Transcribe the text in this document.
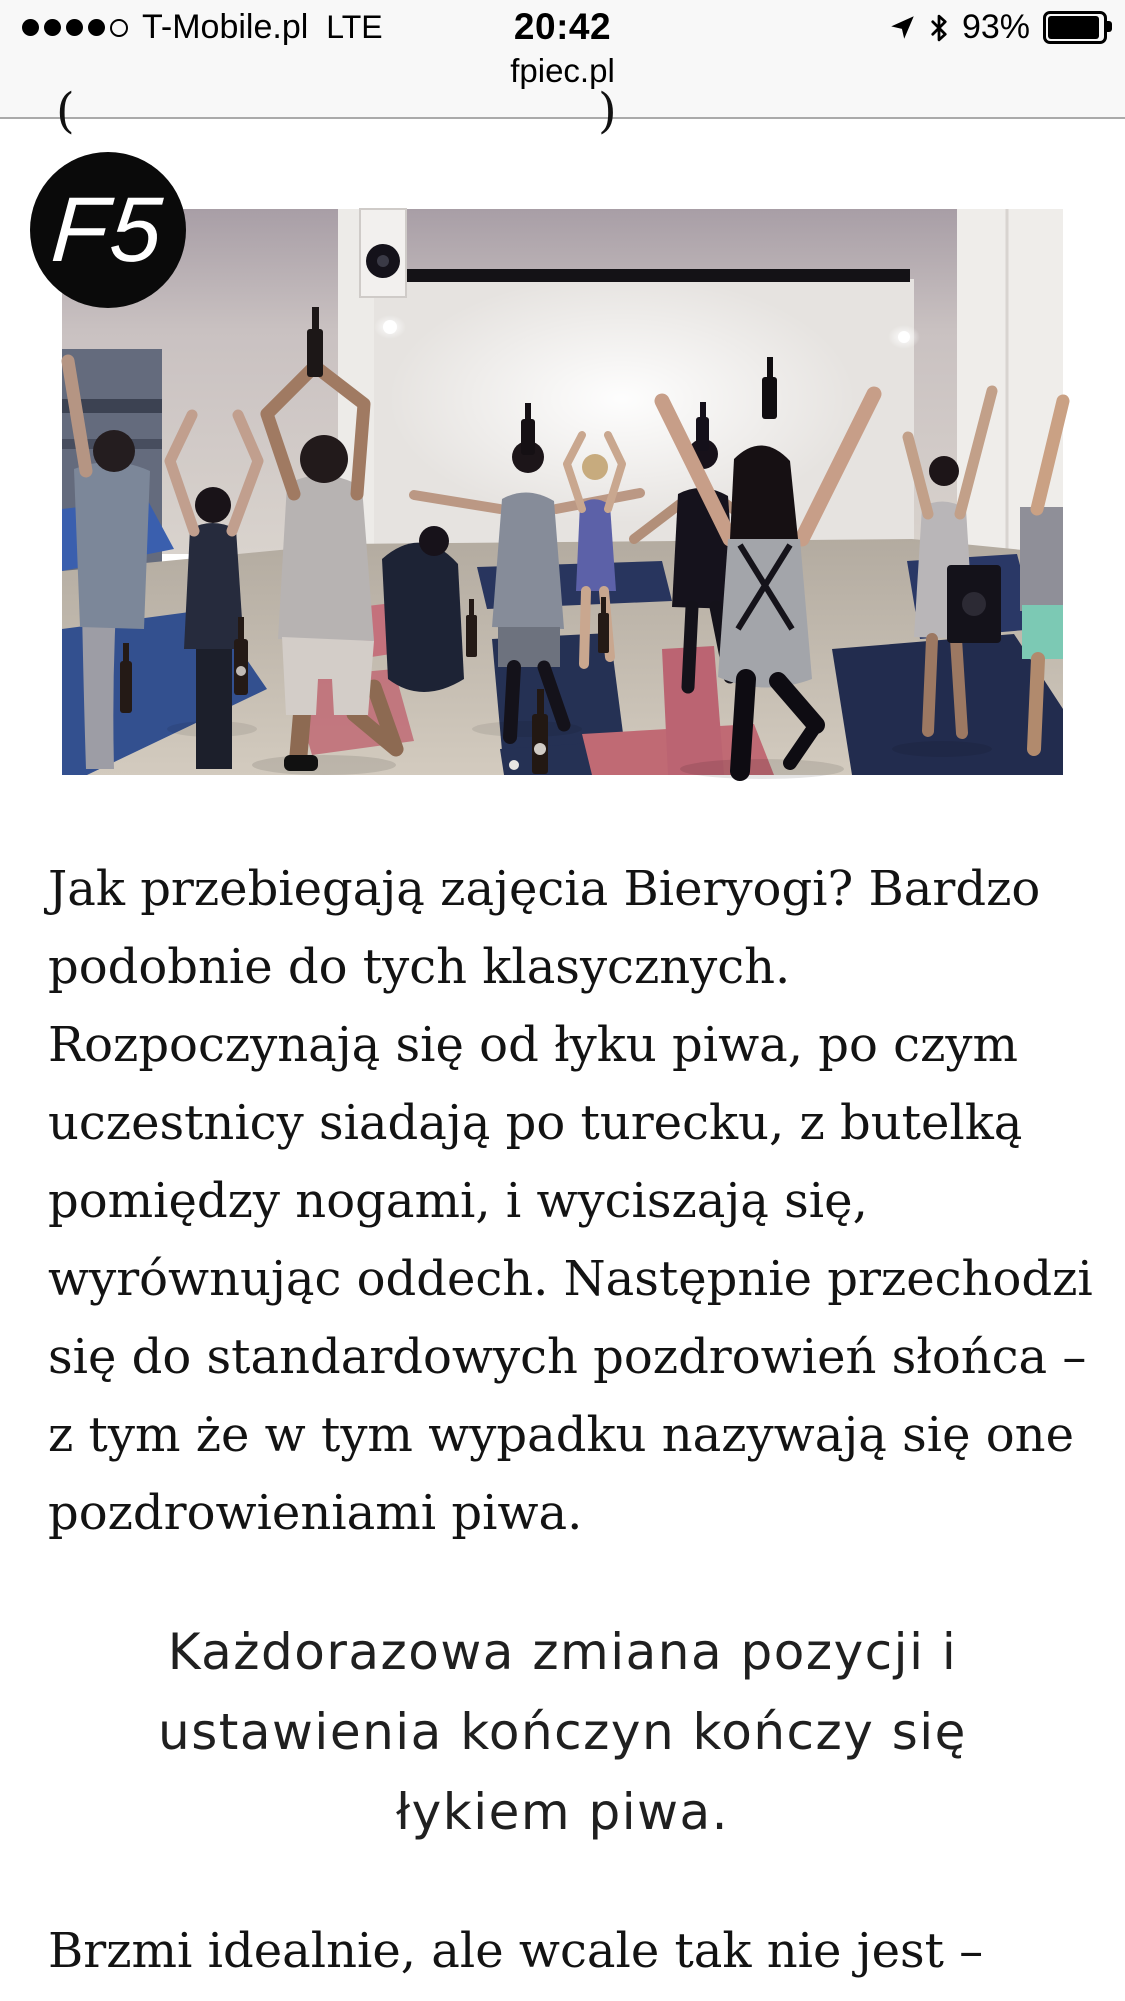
T-Mobile.pl LTE	20:42	93%
fpiec.pl
(	)
F5
Jak przebiegają zajęcia Bieryogi? Bardzo
podobnie do tych klasycznych.
Rozpoczynają się od łyku piwa, po czym
uczestnicy siadają po turecku, z butelką
pomiędzy nogami, i wyciszają się,
wyrównując oddech. Następnie przechodzi
się do standardowych pozdrowień słońca –
z tym że w tym wypadku nazywają się one
pozdrowieniami piwa.
Każdorazowa zmiana pozycji i
ustawienia kończyn kończy się
łykiem piwa.
Brzmi idealnie, ale wcale tak nie jest –
